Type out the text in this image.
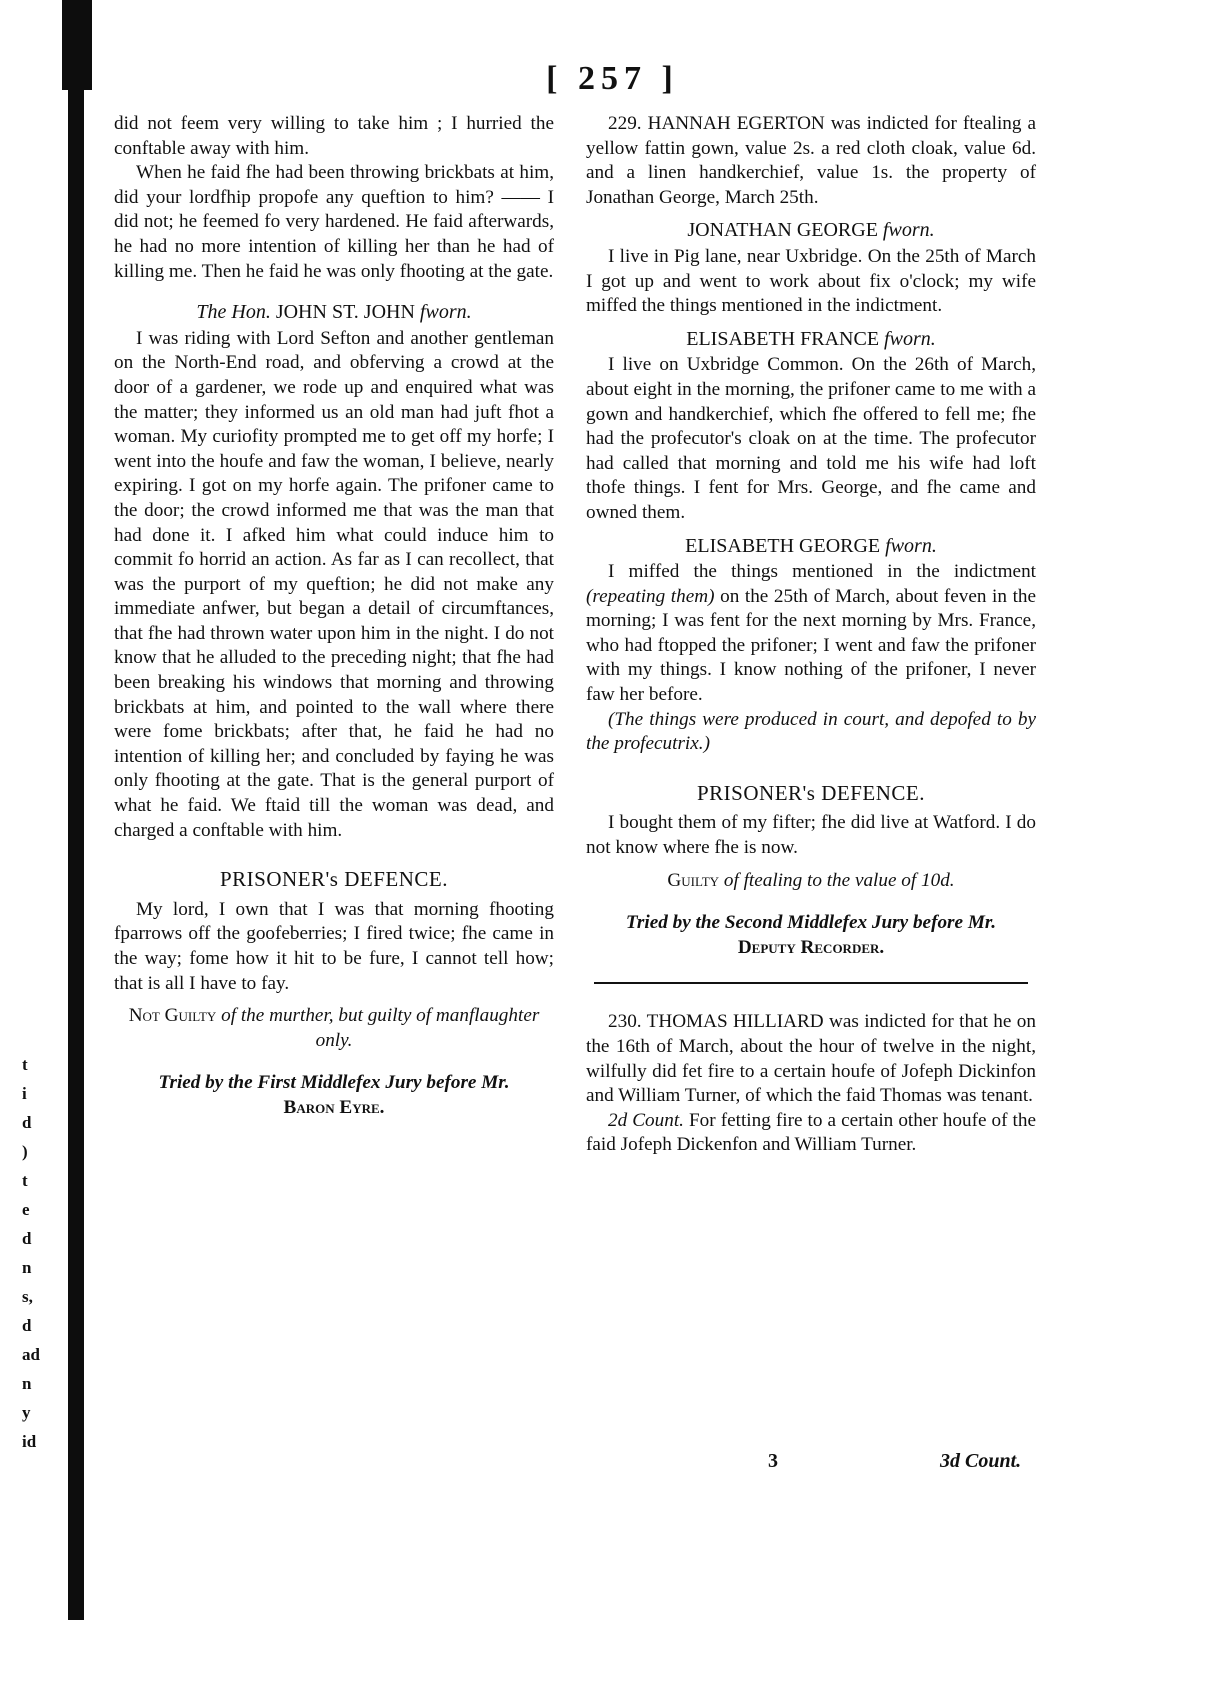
[ 257 ]
t
i
d
)
t
e
d
n
s,
d
ad
n
y
id

did not feem very willing to take him ; I hurried the conftable away with him.

When he faid fhe had been throwing brickbats at him, did your lordfhip propofe any queftion to him? —— I did not; he feemed fo very hardened. He faid afterwards, he had no more intention of killing her than he had of killing me. Then he faid he was only fhooting at the gate.

The Hon. JOHN ST. JOHN fworn.

I was riding with Lord Sefton and another gentleman on the North-End road, and obferving a crowd at the door of a gardener, we rode up and enquired what was the matter; they informed us an old man had juft fhot a woman. My curiofity prompted me to get off my horfe; I went into the houfe and faw the woman, I believe, nearly expiring. I got on my horfe again. The prifoner came to the door; the crowd informed me that was the man that had done it. I afked him what could induce him to commit fo horrid an action. As far as I can recollect, that was the purport of my queftion; he did not make any immediate anfwer, but began a detail of circumftances, that fhe had thrown water upon him in the night. I do not know that he alluded to the preceding night; that fhe had been breaking his windows that morning and throwing brickbats at him, and pointed to the wall where there were fome brickbats; after that, he faid he had no intention of killing her; and concluded by faying he was only fhooting at the gate. That is the general purport of what he faid. We ftaid till the woman was dead, and charged a conftable with him.

PRISONER's DEFENCE.

My lord, I own that I was that morning fhooting fparrows off the goofeberries; I fired twice; fhe came in the way; fome how it hit to be fure, I cannot tell how; that is all I have to fay.

Not Guilty of the murther, but guilty of manflaughter only.
Tried by the First Middlefex Jury before Mr.
Baron Eyre.

229. HANNAH EGERTON was indicted for ftealing a yellow fattin gown, value 2s. a red cloth cloak, value 6d. and a linen handkerchief, value 1s. the property of Jonathan George, March 25th.

JONATHAN GEORGE fworn.

I live in Pig lane, near Uxbridge. On the 25th of March I got up and went to work about fix o'clock; my wife miffed the things mentioned in the indictment.

ELISABETH FRANCE fworn.

I live on Uxbridge Common. On the 26th of March, about eight in the morning, the prifoner came to me with a gown and handkerchief, which fhe offered to fell me; fhe had the profecutor's cloak on at the time. The profecutor had called that morning and told me his wife had loft thofe things. I fent for Mrs. George, and fhe came and owned them.

ELISABETH GEORGE fworn.

I miffed the things mentioned in the indictment (repeating them) on the 25th of March, about feven in the morning; I was fent for the next morning by Mrs. France, who had ftopped the prifoner; I went and faw the prifoner with my things. I know nothing of the prifoner, I never faw her before.

(The things were produced in court, and depofed to by the profecutrix.)

PRISONER's DEFENCE.

I bought them of my fifter; fhe did live at Watford. I do not know where fhe is now.

Guilty of ftealing to the value of 10d.
Tried by the Second Middlefex Jury before Mr.
Deputy Recorder.

230. THOMAS HILLIARD was indicted for that he on the 16th of March, about the hour of twelve in the night, wilfully did fet fire to a certain houfe of Jofeph Dickinfon and William Turner, of which the faid Thomas was tenant.

2d Count. For fetting fire to a certain other houfe of the faid Jofeph Dickenfon and William Turner.

3	3d Count.
